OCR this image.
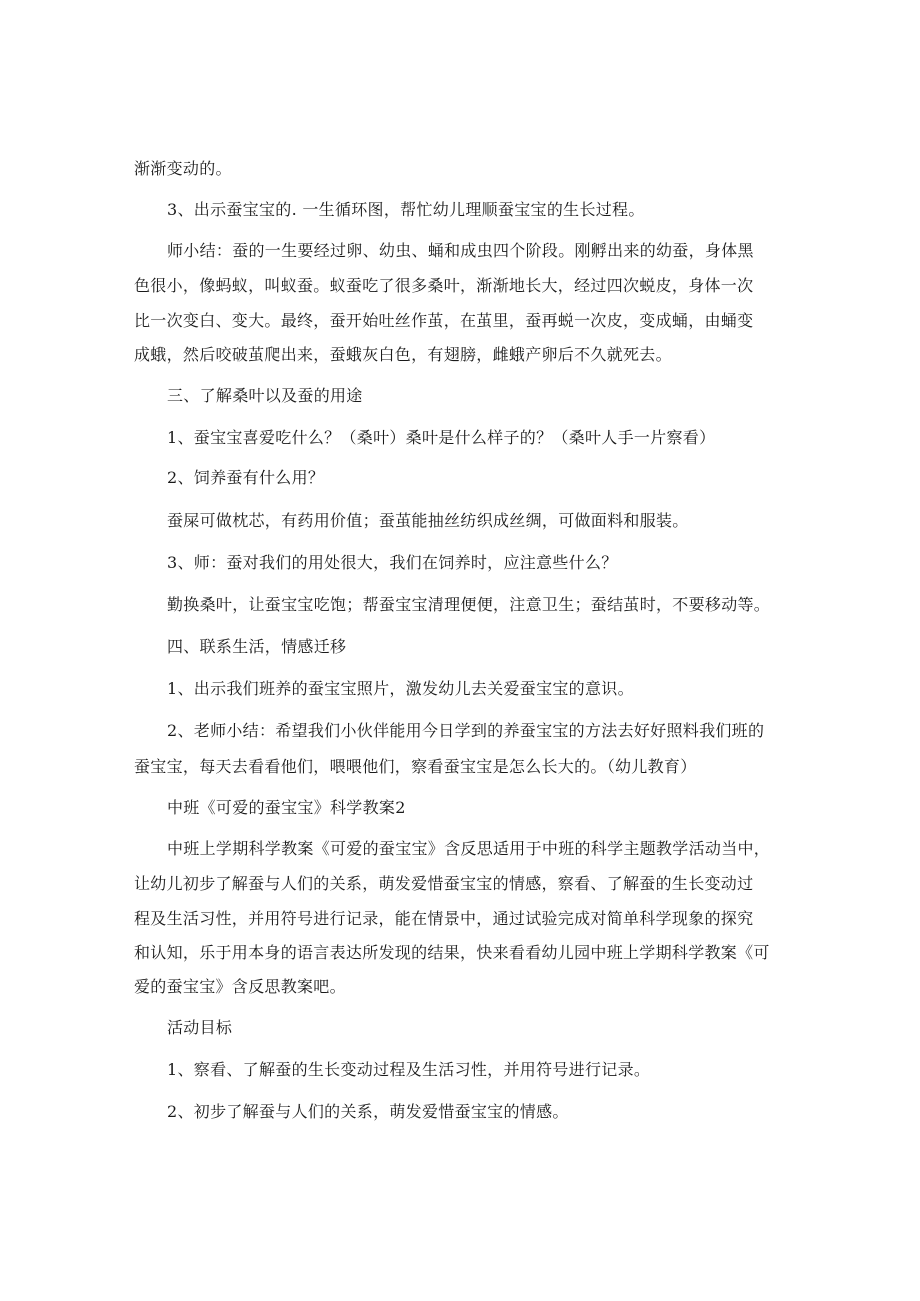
渐渐变动的。
3、出示蚕宝宝的. 一生循环图，帮忙幼儿理顺蚕宝宝的生长过程。
师小结：蚕的一生要经过卵、幼虫、蛹和成虫四个阶段。刚孵出来的幼蚕，身体黑
色很小，像蚂蚁，叫蚁蚕。蚁蚕吃了很多桑叶，渐渐地长大，经过四次蜕皮，身体一次
比一次变白、变大。最终，蚕开始吐丝作茧，在茧里，蚕再蜕一次皮，变成蛹，由蛹变
成蛾，然后咬破茧爬出来，蚕蛾灰白色，有翅膀，雌蛾产卵后不久就死去。
三、了解桑叶以及蚕的用途
1、蚕宝宝喜爱吃什么？（桑叶）桑叶是什么样子的？（桑叶人手一片察看）
2、饲养蚕有什么用？
蚕屎可做枕芯，有药用价值；蚕茧能抽丝纺织成丝绸，可做面料和服装。
3、师：蚕对我们的用处很大，我们在饲养时，应注意些什么？
勤换桑叶，让蚕宝宝吃饱；帮蚕宝宝清理便便，注意卫生；蚕结茧时，不要移动等。
四、联系生活，情感迁移
1、出示我们班养的蚕宝宝照片，激发幼儿去关爱蚕宝宝的意识。
2、老师小结：希望我们小伙伴能用今日学到的养蚕宝宝的方法去好好照料我们班的
蚕宝宝，每天去看看他们，喂喂他们，察看蚕宝宝是怎么长大的。（幼儿教育）
中班《可爱的蚕宝宝》科学教案2
中班上学期科学教案《可爱的蚕宝宝》含反思适用于中班的科学主题教学活动当中，
让幼儿初步了解蚕与人们的关系，萌发爱惜蚕宝宝的情感，察看、了解蚕的生长变动过
程及生活习性，并用符号进行记录，能在情景中，通过试验完成对简单科学现象的探究
和认知，乐于用本身的语言表达所发现的结果，快来看看幼儿园中班上学期科学教案《可
爱的蚕宝宝》含反思教案吧。
活动目标
1、察看、了解蚕的生长变动过程及生活习性，并用符号进行记录。
2、初步了解蚕与人们的关系，萌发爱惜蚕宝宝的情感。
